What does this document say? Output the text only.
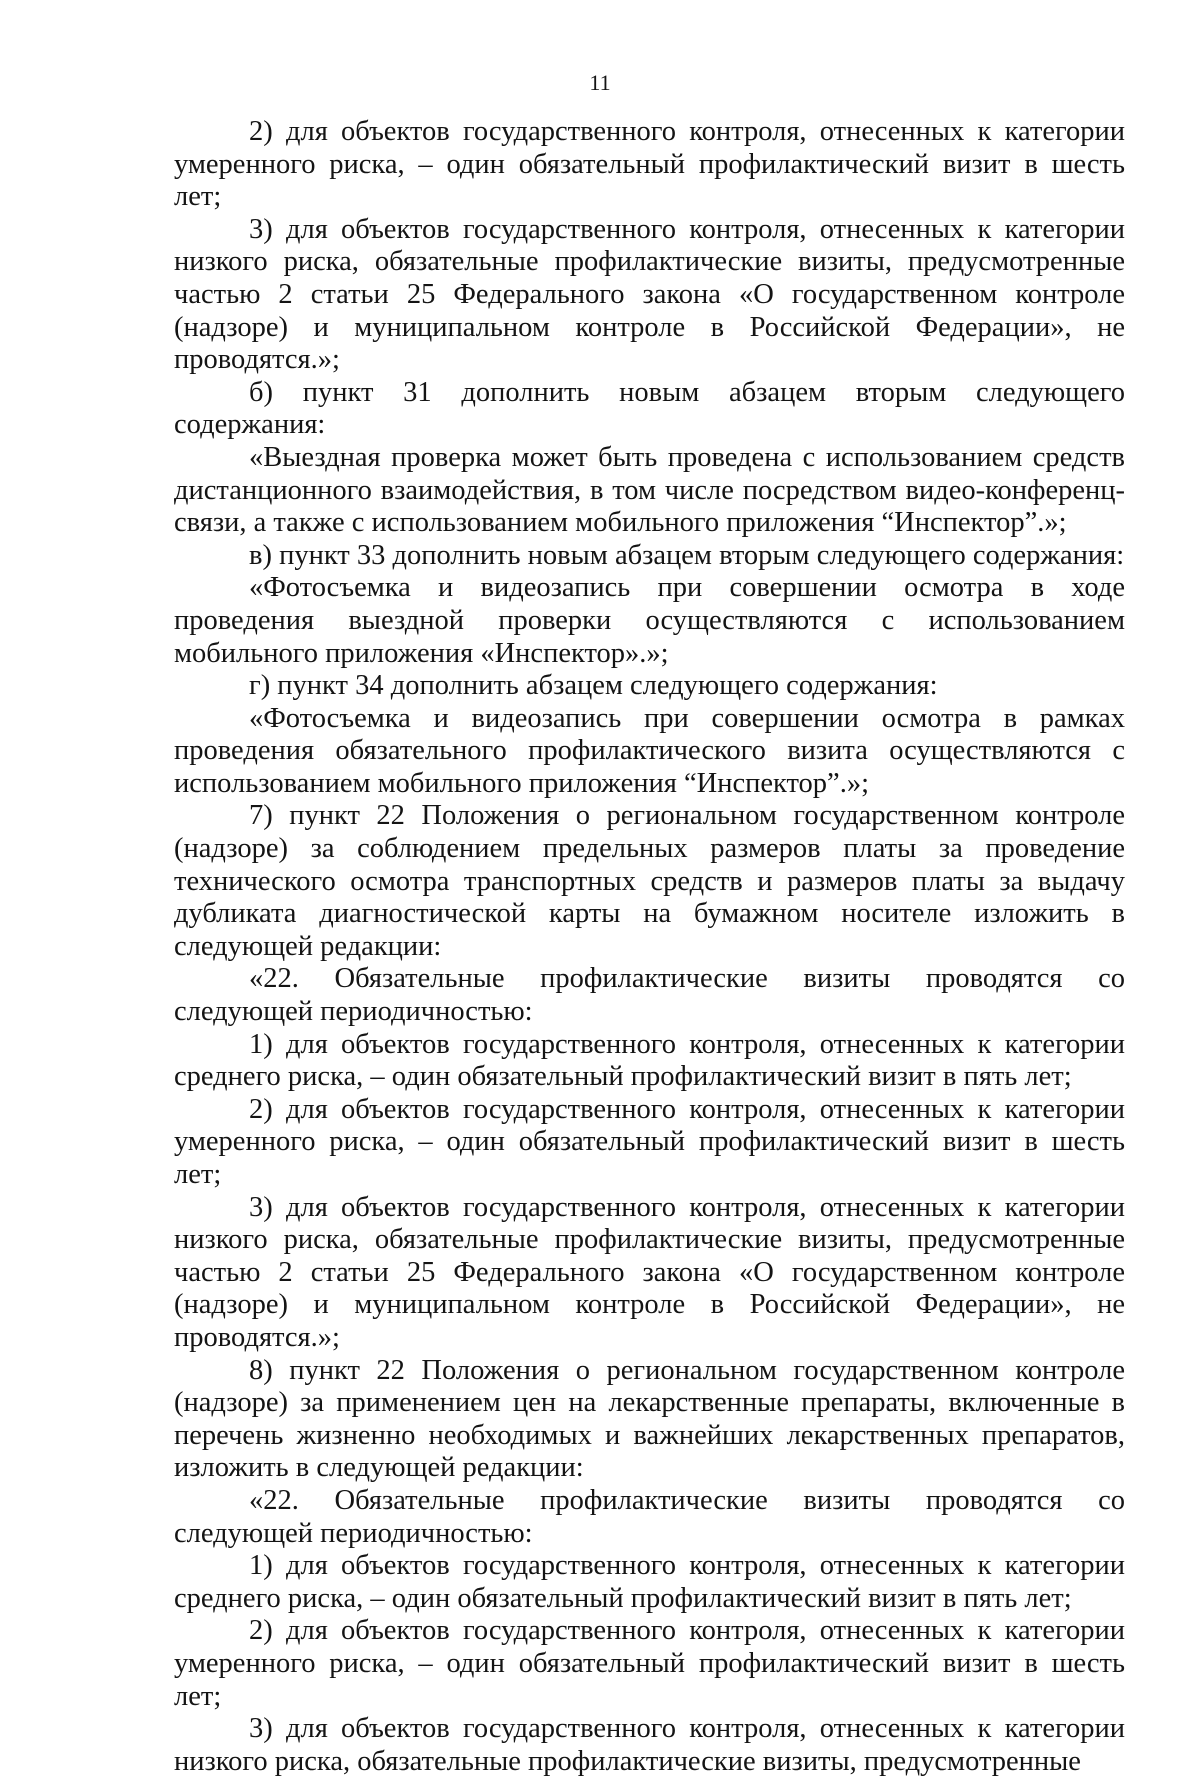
11

2) для объектов государственного контроля, отнесенных к категории умеренного риска, – один обязательный профилактический визит в шесть лет;

3) для объектов государственного контроля, отнесенных к категории низкого риска, обязательные профилактические визиты, предусмотренные частью 2 статьи 25 Федерального закона «О государственном контроле (надзоре) и муниципальном контроле в Российской Федерации», не проводятся.»;

б) пункт 31 дополнить новым абзацем вторым следующего содержания:

«Выездная проверка может быть проведена с использованием средств дистанционного взаимодействия, в том числе посредством видео-конференц-связи, а также с использованием мобильного приложения “Инспектор”.»;

в) пункт 33 дополнить новым абзацем вторым следующего содержания:

«Фотосъемка и видеозапись при совершении осмотра в ходе проведения выездной проверки осуществляются с использованием мобильного приложения «Инспектор».»;

г) пункт 34 дополнить абзацем следующего содержания:

«Фотосъемка и видеозапись при совершении осмотра в рамках проведения обязательного профилактического визита осуществляются с использованием мобильного приложения “Инспектор”.»;

7) пункт 22 Положения о региональном государственном контроле (надзоре) за соблюдением предельных размеров платы за проведение технического осмотра транспортных средств и размеров платы за выдачу дубликата диагностической карты на бумажном носителе изложить в следующей редакции:

«22. Обязательные профилактические визиты проводятся со следующей периодичностью:

1) для объектов государственного контроля, отнесенных к категории среднего риска, – один обязательный профилактический визит в пять лет;

2) для объектов государственного контроля, отнесенных к категории умеренного риска, – один обязательный профилактический визит в шесть лет;

3) для объектов государственного контроля, отнесенных к категории низкого риска, обязательные профилактические визиты, предусмотренные частью 2 статьи 25 Федерального закона «О государственном контроле (надзоре) и муниципальном контроле в Российской Федерации», не проводятся.»;

8) пункт 22 Положения о региональном государственном контроле (надзоре) за применением цен на лекарственные препараты, включенные в перечень жизненно необходимых и важнейших лекарственных препаратов, изложить в следующей редакции:

«22. Обязательные профилактические визиты проводятся со следующей периодичностью:

1) для объектов государственного контроля, отнесенных к категории среднего риска, – один обязательный профилактический визит в пять лет;

2) для объектов государственного контроля, отнесенных к категории умеренного риска, – один обязательный профилактический визит в шесть лет;

3) для объектов государственного контроля, отнесенных к категории низкого риска, обязательные профилактические визиты, предусмотренные
